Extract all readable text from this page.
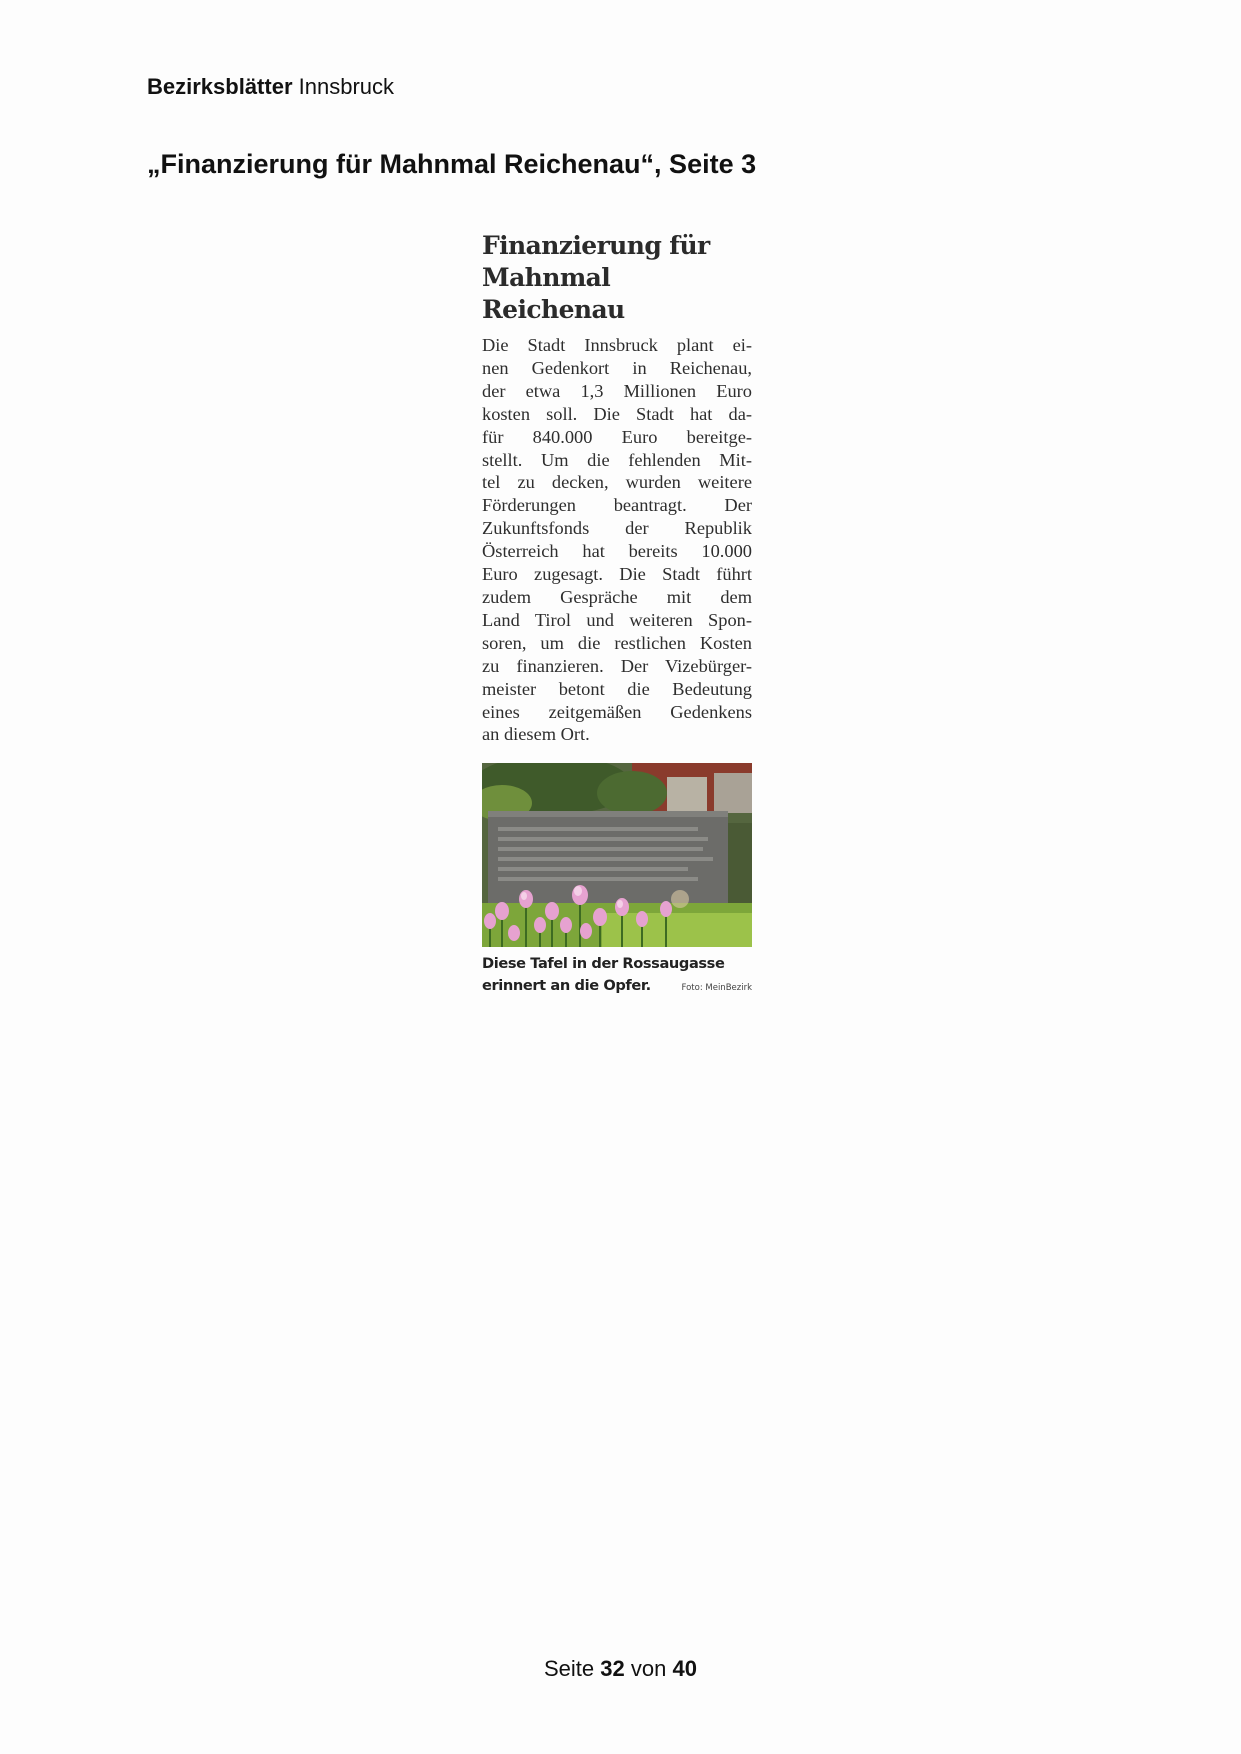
Bezirksblätter Innsbruck
„Finanzierung für Mahnmal Reichenau“, Seite 3
Finanzierung für
Mahnmal Reichenau

Die Stadt Innsbruck plant ei-
nen Gedenkort in Reichenau,
der etwa 1,3 Millionen Euro
kosten soll. Die Stadt hat da-
für 840.000 Euro bereitge-
stellt. Um die fehlenden Mit-
tel zu decken, wurden weitere
Förderungen beantragt. Der
Zukunftsfonds der Republik
Österreich hat bereits 10.000
Euro zugesagt. Die Stadt führt
zudem Gespräche mit dem
Land Tirol und weiteren Spon-
soren, um die restlichen Kosten
zu finanzieren. Der Vizebürger-
meister betont die Bedeutung
eines zeitgemäßen Gedenkens
an diesem Ort.

Diese Tafel in der Rossaugasse erinnert an die Opfer.	Foto: MeinBezirk
Seite 32 von 40
